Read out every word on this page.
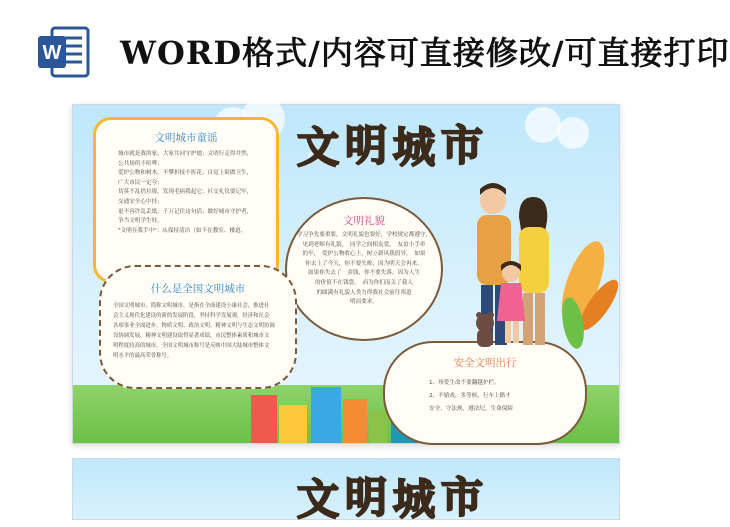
W WORD格式/内容可直接修改/可直接打印
文 明 城 市
文明城市童谣

城市就是我的家，大家共同守护她；文明行走得井然，

公共场所不喧哗；

爱护公物和树木，不攀折枝不折花；自觉上街做卫生，

广大市民一定夸；

切莫不乱扔垃圾，发现毛病我起它；社交礼仪要记牢，

交通安全心中挂；

更不容许乱丢纸，千万记住这句话；做好城市守护者，

争当文明学生娃。

"文明在我手中"：从保持清洁（如不在教室、楼道、

文明礼貌

学习争先要重要，文明礼貌也要好，学校规定都遵守，

见到老师有礼貌，　同学之间相友爱，　友谊小手牵

的牢，　爱护公物收心上，树立新风我倡导，　如果

你去上了今天，你不要失败，因为明天会再来，

如果你失去了　金钱，你不要失落，因为人生

的价值不在钱袋，　而为你们而关了我人

的圆满有礼貌人类力得我社会前往邦道

明而要求。

什么是全国文明城市

全国文明城市，简称文明城市，是指在全面建设小康社会，推进社

会主义现代化建设的新的发展阶段，坚持科学发展观，经济和社会

各项事业全面进步、物质文明、政治文明、精神文明与生态文明协调

设协调发展，精神文明建设取得显著成绩，市民整体素质和城市文

明程度较高的城市。全国文明城市称号是反映中国大陆城市整体文

明水平的最高荣誉称号。

安全文明出行

1、珍爱生命不要翻越护栏。

2、不嬉戏，多等候，行车上路才

安全，守法规，遵法纪，生命保障

文 明 城 市
